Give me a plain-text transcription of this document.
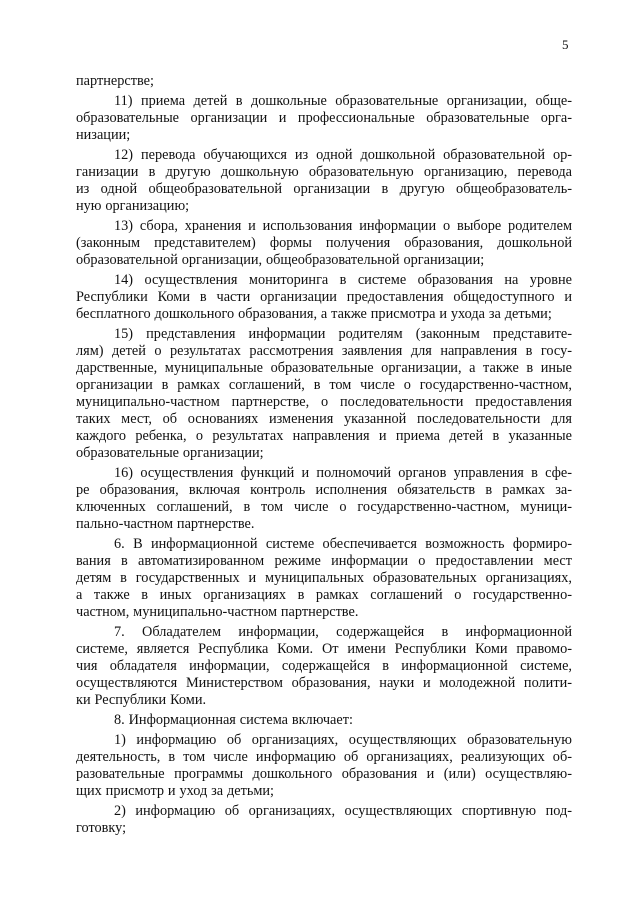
5
партнерстве;
11) приема детей в дошкольные образовательные организации, обще-
образовательные организации и профессиональные образовательные орга-
низации;
12) перевода обучающихся из одной дошкольной образовательной ор-
ганизации в другую дошкольную образовательную организацию, перевода
из одной общеобразовательной организации в другую общеобразователь-
ную организацию;
13) сбора, хранения и использования информации о выборе родителем
(законным представителем) формы получения образования, дошкольной
образовательной организации, общеобразовательной организации;
14) осуществления мониторинга в системе образования на уровне
Республики Коми в части организации предоставления общедоступного и
бесплатного дошкольного образования, а также присмотра и ухода за детьми;
15) представления информации родителям (законным представите-
лям) детей о результатах рассмотрения заявления для направления в госу-
дарственные, муниципальные образовательные организации, а также в иные
организации в рамках соглашений, в том числе о государственно-частном,
муниципально-частном партнерстве, о последовательности предоставления
таких мест, об основаниях изменения указанной последовательности для
каждого ребенка, о результатах направления и приема детей в указанные
образовательные организации;
16) осуществления функций и полномочий органов управления в сфе-
ре образования, включая контроль исполнения обязательств в рамках за-
ключенных соглашений, в том числе о государственно-частном, муници-
пально-частном партнерстве.
6. В информационной системе обеспечивается возможность формиро-
вания в автоматизированном режиме информации о предоставлении мест
детям в государственных и муниципальных образовательных организациях,
а также в иных организациях в рамках соглашений о государственно-
частном, муниципально-частном партнерстве.
7. Обладателем информации, содержащейся в информационной
системе, является Республика Коми. От имени Республики Коми правомо-
чия обладателя информации, содержащейся в информационной системе,
осуществляются Министерством образования, науки и молодежной полити-
ки Республики Коми.
8. Информационная система включает:
1) информацию об организациях, осуществляющих образовательную
деятельность, в том числе информацию об организациях, реализующих об-
разовательные программы дошкольного образования и (или) осуществляю-
щих присмотр и уход за детьми;
2) информацию об организациях, осуществляющих спортивную под-
готовку;
